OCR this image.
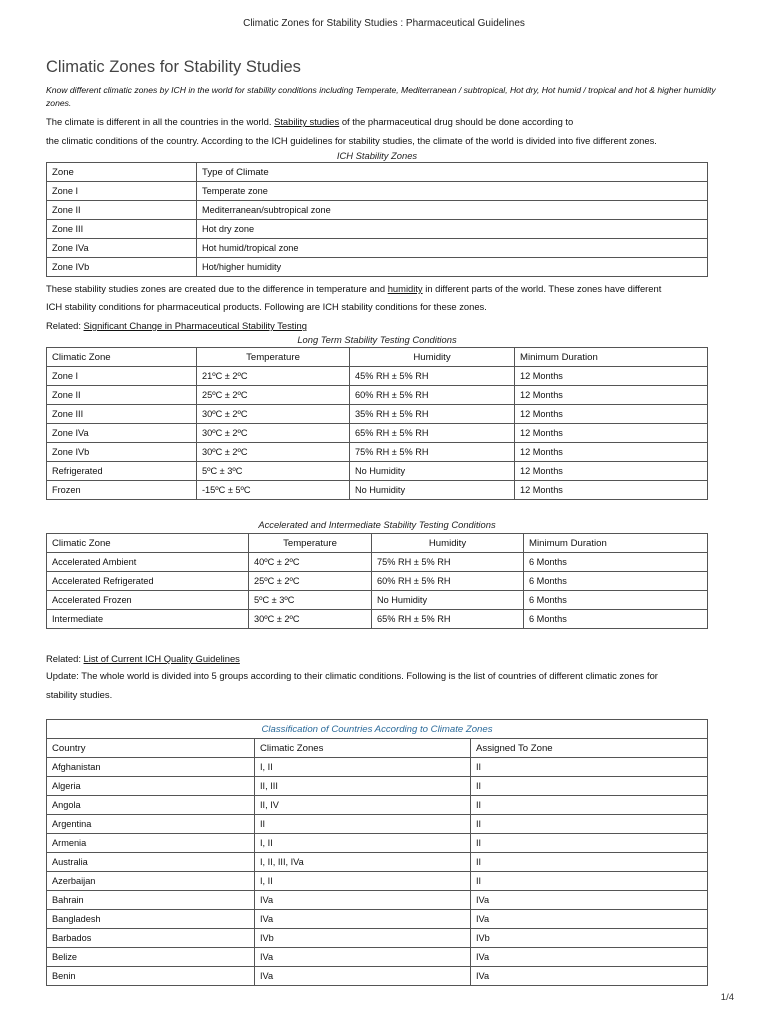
Climatic Zones for Stability Studies : Pharmaceutical Guidelines
Climatic Zones for Stability Studies
Know different climatic zones by ICH in the world for stability conditions including Temperate, Mediterranean / subtropical, Hot dry, Hot humid / tropical and hot & higher humidity zones.
The climate is different in all the countries in the world. Stability studies of the pharmaceutical drug should be done according to
the climatic conditions of the country. According to the ICH guidelines for stability studies, the climate of the world is divided into five different zones.
ICH Stability Zones
Zone	Type of Climate
Zone I	Temperate zone
Zone II	Mediterranean/subtropical zone
Zone III	Hot dry zone
Zone IVa	Hot humid/tropical zone
Zone IVb	Hot/higher humidity
These stability studies zones are created due to the difference in temperature and humidity in different parts of the world. These zones have different
ICH stability conditions for pharmaceutical products. Following are ICH stability conditions for these zones.
Related: Significant Change in Pharmaceutical Stability Testing
Long Term Stability Testing Conditions
Climatic Zone	Temperature	Humidity	Minimum Duration
Zone I	21ºC ± 2ºC	45% RH ± 5% RH	12 Months
Zone II	25ºC ± 2ºC	60% RH ± 5% RH	12 Months
Zone III	30ºC ± 2ºC	35% RH ± 5% RH	12 Months
Zone IVa	30ºC ± 2ºC	65% RH ± 5% RH	12 Months
Zone IVb	30ºC ± 2ºC	75% RH ± 5% RH	12 Months
Refrigerated	5ºC ± 3ºC	No Humidity	12 Months
Frozen	-15ºC ± 5ºC	No Humidity	12 Months
Accelerated and Intermediate Stability Testing Conditions
Climatic Zone	Temperature	Humidity	Minimum Duration
Accelerated Ambient	40ºC ± 2ºC	75% RH ± 5% RH	6 Months
Accelerated Refrigerated	25ºC ± 2ºC	60% RH ± 5% RH	6 Months
Accelerated Frozen	5ºC ± 3ºC	No Humidity	6 Months
Intermediate	30ºC ± 2ºC	65% RH ± 5% RH	6 Months
Related: List of Current ICH Quality Guidelines
Update: The whole world is divided into 5 groups according to their climatic conditions. Following is the list of countries of different climatic zones for
stability studies.
Classification of Countries According to Climate Zones		
Country	Climatic Zones	Assigned To Zone
Afghanistan	I, II	II
Algeria	II, III	II
Angola	II, IV	II
Argentina	II	II
Armenia	I, II	II
Australia	I, II, III, IVa	II
Azerbaijan	I, II	II
Bahrain	IVa	IVa
Bangladesh	IVa	IVa
Barbados	IVb	IVb
Belize	IVa	IVa
Benin	IVa	IVa
1/4
